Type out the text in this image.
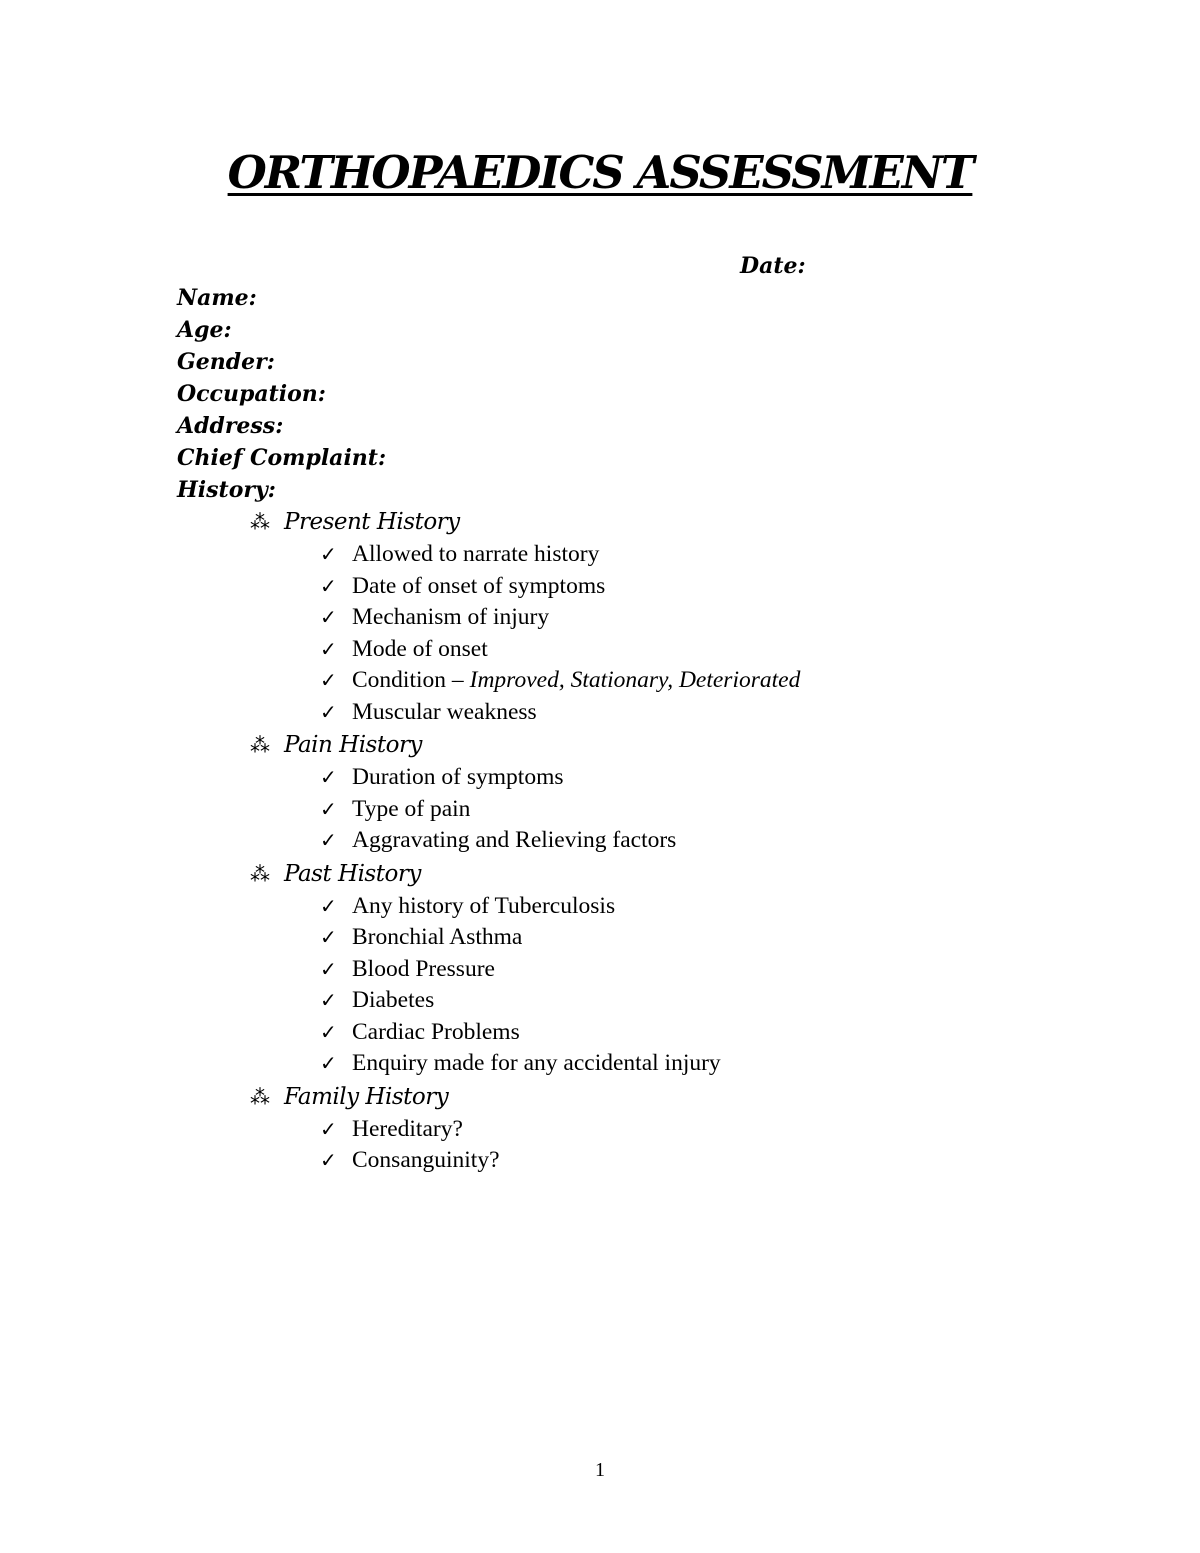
ORTHOPAEDICS ASSESSMENT
Date:
Name:
Age:
Gender:
Occupation:
Address:
Chief Complaint:
History:
⁂ Present History
✓ Allowed to narrate history
✓ Date of onset of symptoms
✓ Mechanism of injury
✓ Mode of onset
✓ Condition – Improved, Stationary, Deteriorated
✓ Muscular weakness
⁂ Pain History
✓ Duration of symptoms
✓ Type of pain
✓ Aggravating and Relieving factors
⁂ Past History
✓ Any history of Tuberculosis
✓ Bronchial Asthma
✓ Blood Pressure
✓ Diabetes
✓ Cardiac Problems
✓ Enquiry made for any accidental injury
⁂ Family History
✓ Hereditary?
✓ Consanguinity?
1
